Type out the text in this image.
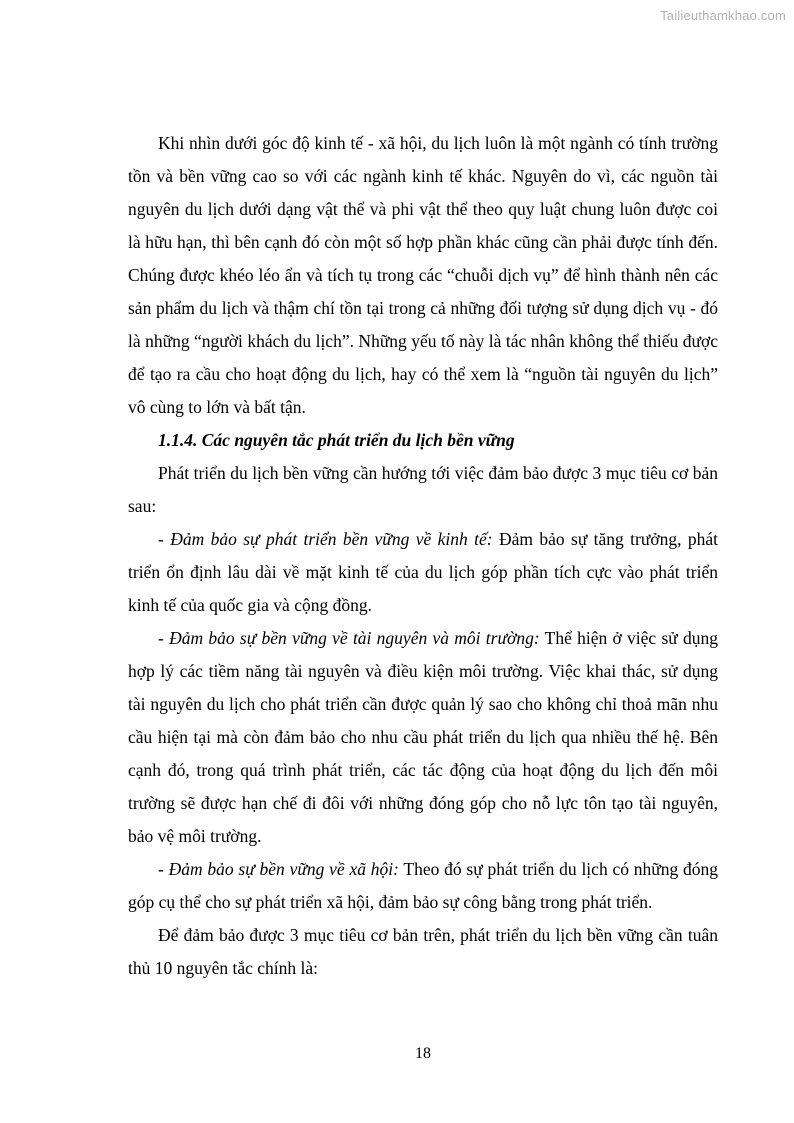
Tailieuthamkhao.com

Khi nhìn dưới góc độ kinh tế - xã hội, du lịch luôn là một ngành có tính trường tồn và bền vững cao so với các ngành kinh tế khác. Nguyên do vì, các nguồn tài nguyên du lịch dưới dạng vật thể và phi vật thể theo quy luật chung luôn được coi là hữu hạn, thì bên cạnh đó còn một số hợp phần khác cũng cần phải được tính đến. Chúng được khéo léo ẩn và tích tụ trong các “chuỗi dịch vụ” để hình thành nên các sản phẩm du lịch và thậm chí tồn tại trong cả những đối tượng sử dụng dịch vụ - đó là những “người khách du lịch”. Những yếu tố này là tác nhân không thể thiếu được để tạo ra cầu cho hoạt động du lịch, hay có thể xem là “nguồn tài nguyên du lịch” vô cùng to lớn và bất tận.

1.1.4. Các nguyên tắc phát triển du lịch bền vững

Phát triển du lịch bền vững cần hướng tới việc đảm bảo được 3 mục tiêu cơ bản sau:

- Đảm bảo sự phát triển bền vững về kinh tế: Đảm bảo sự tăng trưởng, phát triển ổn định lâu dài về mặt kinh tế của du lịch góp phần tích cực vào phát triển kinh tế của quốc gia và cộng đồng.

- Đảm bảo sự bền vững về tài nguyên và môi trường: Thể hiện ở việc sử dụng hợp lý các tiềm năng tài nguyên và điều kiện môi trường. Việc khai thác, sử dụng tài nguyên du lịch cho phát triển cần được quản lý sao cho không chỉ thoả mãn nhu cầu hiện tại mà còn đảm bảo cho nhu cầu phát triển du lịch qua nhiều thế hệ. Bên cạnh đó, trong quá trình phát triển, các tác động của hoạt động du lịch đến môi trường sẽ được hạn chế đi đôi với những đóng góp cho nỗ lực tôn tạo tài nguyên, bảo vệ môi trường.

- Đảm bảo sự bền vững về xã hội: Theo đó sự phát triển du lịch có những đóng góp cụ thể cho sự phát triển xã hội, đảm bảo sự công bằng trong phát triển.

Để đảm bảo được 3 mục tiêu cơ bản trên, phát triển du lịch bền vững cần tuân thủ 10 nguyên tắc chính là:

18
